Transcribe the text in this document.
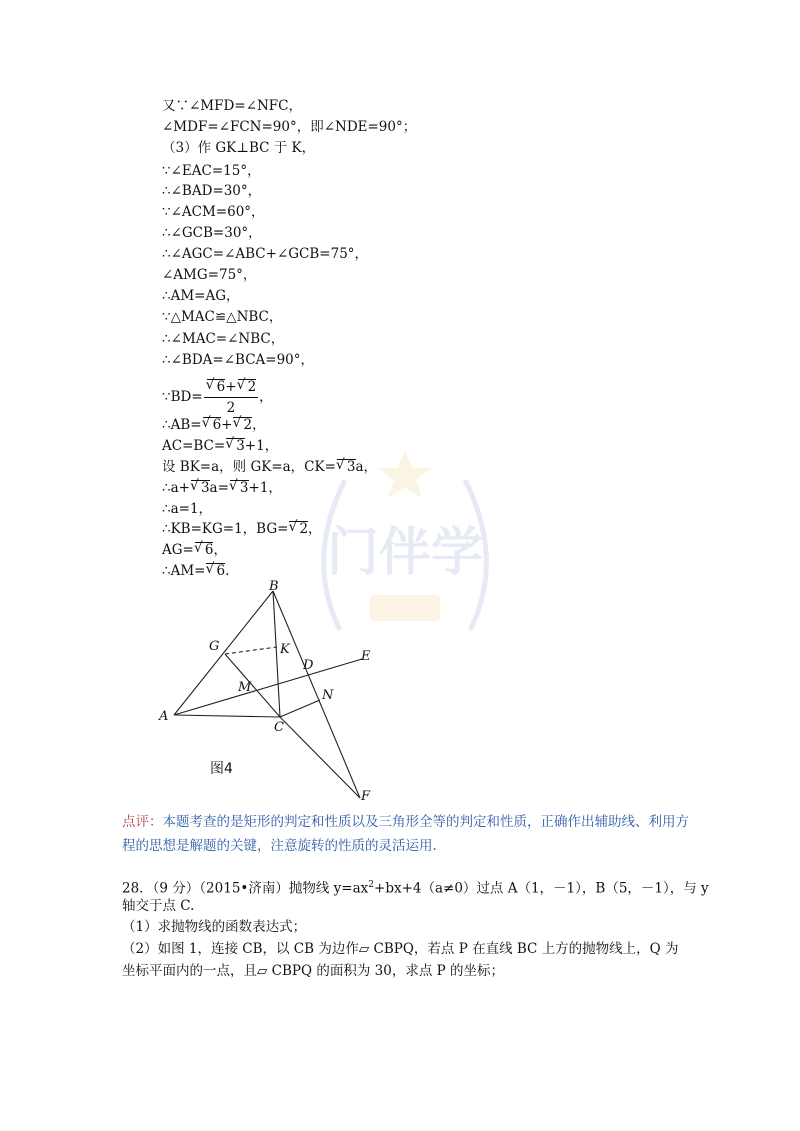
门伴学
又∵∠MFD=∠NFC，
∠MDF=∠FCN=90°，即∠NDE=90°；
（3）作 GK⊥BC 于 K，
∵∠EAC=15°，
∴∠BAD=30°，
∵∠ACM=60°，
∴∠GCB=30°，
∴∠AGC=∠ABC+∠GCB=75°，
∠AMG=75°，
∴AM=AG，
∵△MAC≌△NBC，
∴∠MAC=∠NBC，
∴∠BDA=∠BCA=90°，
∵BD= √ $\frac{6+ √ 2}{2}$ ，
∴AB= √ 6+ √ 2，
AC=BC= √ 3+1，
设 BK=a，则 GK=a，CK= √ 3a，
∴a+ √ 3a= √ 3+1，
∴a=1，
∴KB=KG=1，BG= √ 2，
AG= √ 6，
∴AM= √ 6.
B
G	K
D
E
M
N
A
C
F
图4
点评：本题考查的是矩形的判定和性质以及三角形全等的判定和性质，正确作出辅助线、利用方程的思想是解题的关键，注意旋转的性质的灵活运用.
28．（9 分）（2015•济南）抛物线 $y=ax^2+bx+4(a\ne 0)$过点 A（1，－1），B（5，－1），与 y
轴交于点 C.
（1）求抛物线的函数表达式；
（2）如图 1，连接 CB，以 CB 为边作▱ CBPQ，若点 P 在直线 BC 上方的抛物线上，Q 为
坐标平面内的一点，且▱ CBPQ 的面积为 30，求点 P 的坐标；
